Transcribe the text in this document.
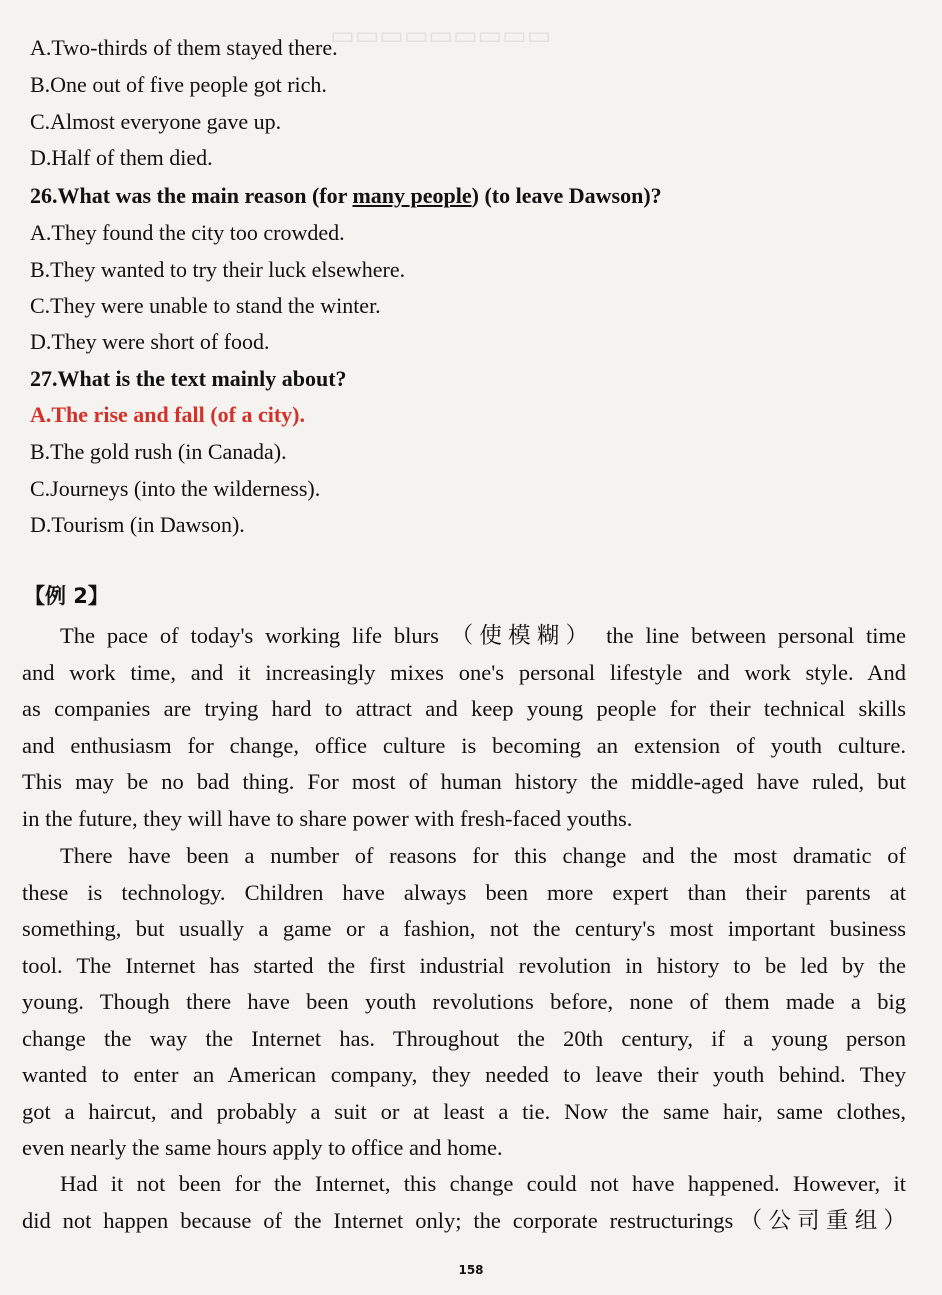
▭▭▭▭▭▭▭▭▭
A.Two-thirds of them stayed there.
B.One out of five people got rich.
C.Almost everyone gave up.
D.Half of them died.
26.What was the main reason (for many people) (to leave Dawson)?
A.They found the city too crowded.
B.They wanted to try their luck elsewhere.
C.They were unable to stand the winter.
D.They were short of food.
27.What is the text mainly about?
A.The rise and fall (of a city).
B.The gold rush (in Canada).
C.Journeys (into the wilderness).
D.Tourism (in Dawson).
【例 2】
The pace of today's working life blurs （使模糊） the line between personal time
and work time, and it increasingly mixes one's personal lifestyle and work style. And
as companies are trying hard to attract and keep young people for their technical skills
and enthusiasm for change, office culture is becoming an extension of youth culture.
This may be no bad thing. For most of human history the middle-aged have ruled, but
in the future, they will have to share power with fresh-faced youths.
There have been a number of reasons for this change and the most dramatic of
these is technology. Children have always been more expert than their parents at
something, but usually a game or a fashion, not the century's most important business
tool. The Internet has started the first industrial revolution in history to be led by the
young. Though there have been youth revolutions before, none of them made a big
change the way the Internet has. Throughout the 20th century, if a young person
wanted to enter an American company, they needed to leave their youth behind. They
got a haircut, and probably a suit or at least a tie. Now the same hair, same clothes,
even nearly the same hours apply to office and home.
Had it not been for the Internet, this change could not have happened. However, it
did not happen because of the Internet only; the corporate restructurings（公司重组）
158
